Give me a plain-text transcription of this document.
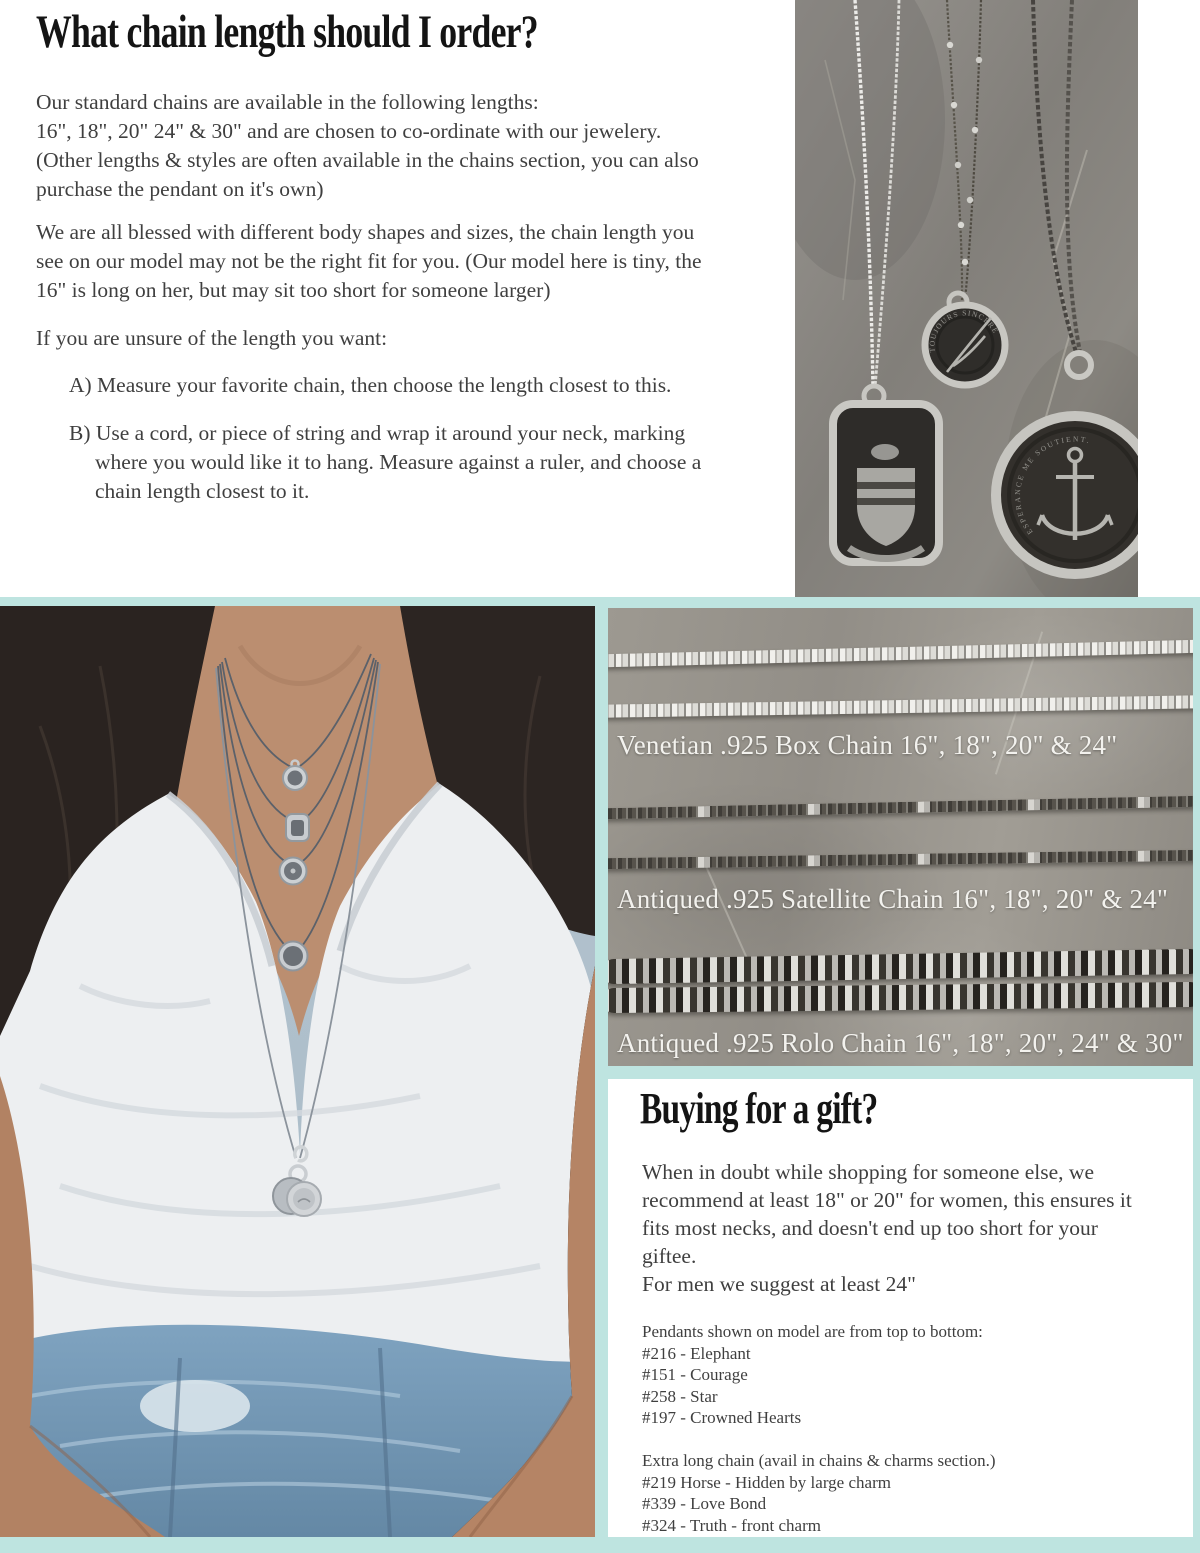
What chain length should I order?
Our standard chains are available in the following lengths:
16", 18", 20" 24" & 30" and are chosen to co-ordinate with our jewelery.
(Other lengths & styles are often available in the chains section, you can also
purchase the pendant on it's own)
We are all blessed with different body shapes and sizes, the chain length you
see on our model may not be the right fit for you. (Our model here is tiny, the
16" is long on her, but may sit too short for someone larger)
If you are unsure of the length you want:
A) Measure your favorite chain, then choose the length closest to this.
B) Use a cord, or piece of string and wrap it around your neck, marking
where you would like it to hang. Measure against a ruler, and choose a
chain length closest to it.
TOUJOURS SINCÈRE
ESPERANCE ME SOUTIENT.
Venetian .925 Box Chain 16", 18", 20" & 24"
Antiqued .925 Satellite Chain 16", 18", 20" & 24"
Antiqued .925 Rolo Chain 16", 18", 20", 24" & 30"
Buying for a gift?
When in doubt while shopping for someone else, we
recommend at least 18" or 20" for women, this ensures it
fits most necks, and doesn't end up too short for your
giftee.
For men we suggest at least 24"
Pendants shown on model are from top to bottom:
#216 - Elephant
#151 - Courage
#258 - Star
#197 - Crowned Hearts
Extra long chain (avail in chains & charms section.)
#219 Horse - Hidden by large charm
#339 - Love Bond
#324 - Truth - front charm
